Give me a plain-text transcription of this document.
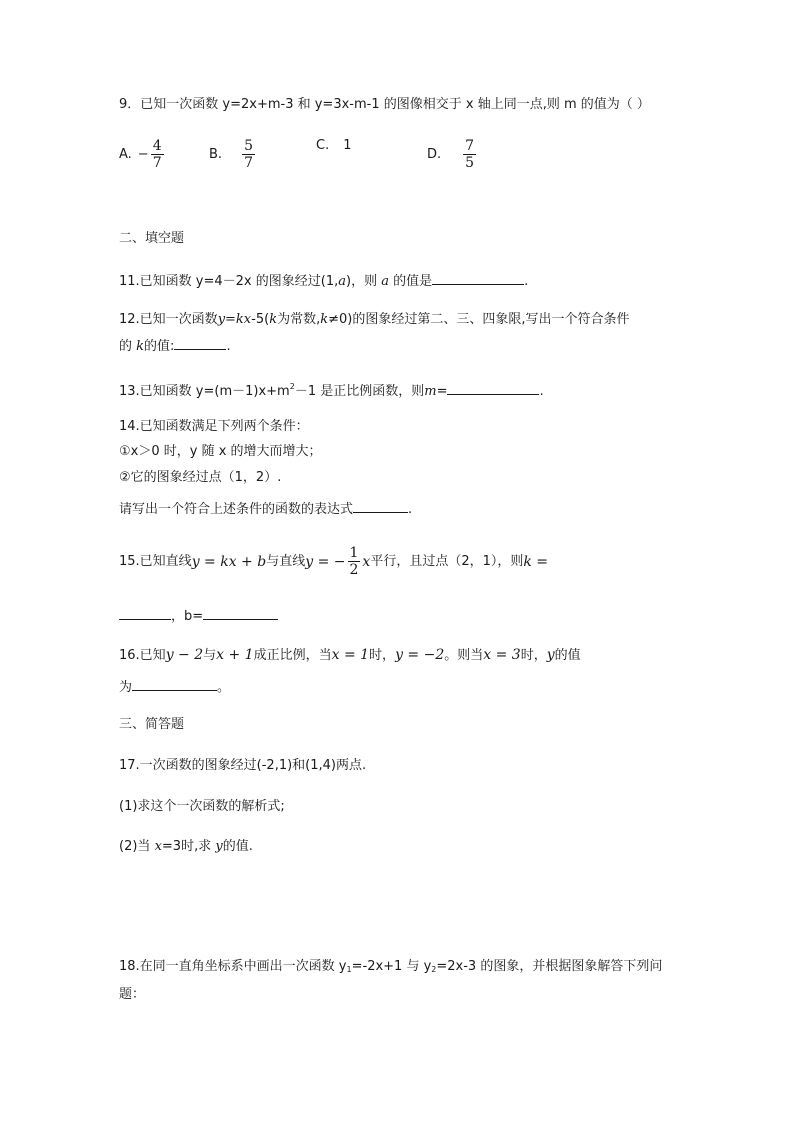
9．已知一次函数 y=2x+m-3 和 y=3x-m-1 的图像相交于 x 轴上同一点,则 m 的值为（ ）
A. − $\frac{4}{7}$	B. $\frac{5}{7}$	C. 1
D. $\frac{7}{5}$
二、填空题
11.已知函数 y=4－2x 的图象经过(1,a)，则 a 的值是	.
12.已知一次函数y=kx-5(k为常数,k≠0)的图象经过第二、三、四象限,写出一个符合条件
的 k的值:	.
13.已知函数 $y=(m-1)x+m^2-1$ 是正比例函数，则m=	.
14.已知函数满足下列两个条件：
①x＞0 时，y 随 x 的增大而增大；
②它的图象经过点（1，2）.
请写出一个符合上述条件的函数的表达式	.
15.已知直线 y = kx + b 与直线 y = − $\frac{1}{2}$ x 平行，且过点（2，1），则 k =
，b=
16.已知y − 2与x + 1成正比例，当x = 1时，y = −2。则当x = 3时，y的值
为	。
三、简答题
17.一次函数的图象经过(-2,1)和(1,4)两点.
(1)求这个一次函数的解析式;
(2)当 x=3时,求 y的值.
18.在同一直角坐标系中画出一次函数 $y_1=-2x+1$ 与 $y_2=2x-3$ 的图象，并根据图象解答下列问
题：
